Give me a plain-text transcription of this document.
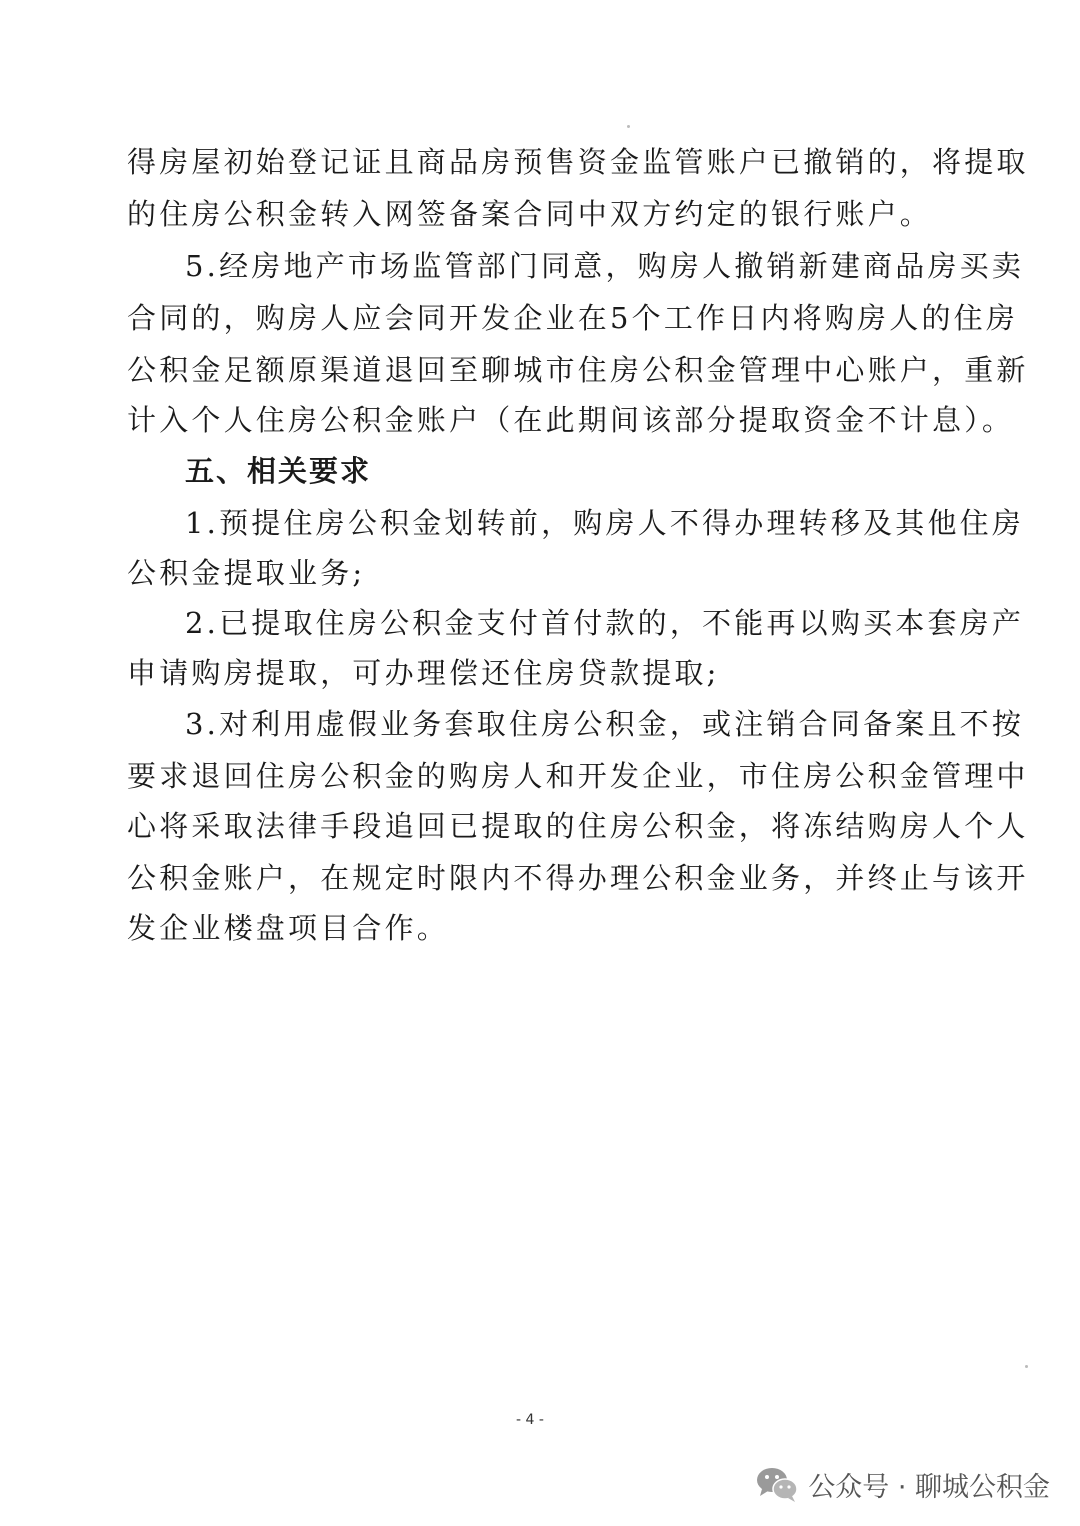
得房屋初始登记证且商品房预售资金监管账户已撤销的，将提取
的住房公积金转入网签备案合同中双方约定的银行账户。
5.经房地产市场监管部门同意，购房人撤销新建商品房买卖
合同的，购房人应会同开发企业在5个工作日内将购房人的住房
公积金足额原渠道退回至聊城市住房公积金管理中心账户，重新
计入个人住房公积金账户（在此期间该部分提取资金不计息）。
五、相关要求
1.预提住房公积金划转前，购房人不得办理转移及其他住房
公积金提取业务;
2.已提取住房公积金支付首付款的，不能再以购买本套房产
申请购房提取，可办理偿还住房贷款提取;
3.对利用虚假业务套取住房公积金，或注销合同备案且不按
要求退回住房公积金的购房人和开发企业，市住房公积金管理中
心将采取法律手段追回已提取的住房公积金，将冻结购房人个人
公积金账户，在规定时限内不得办理公积金业务，并终止与该开
发企业楼盘项目合作。
- 4 -
公众号 · 聊城公积金
